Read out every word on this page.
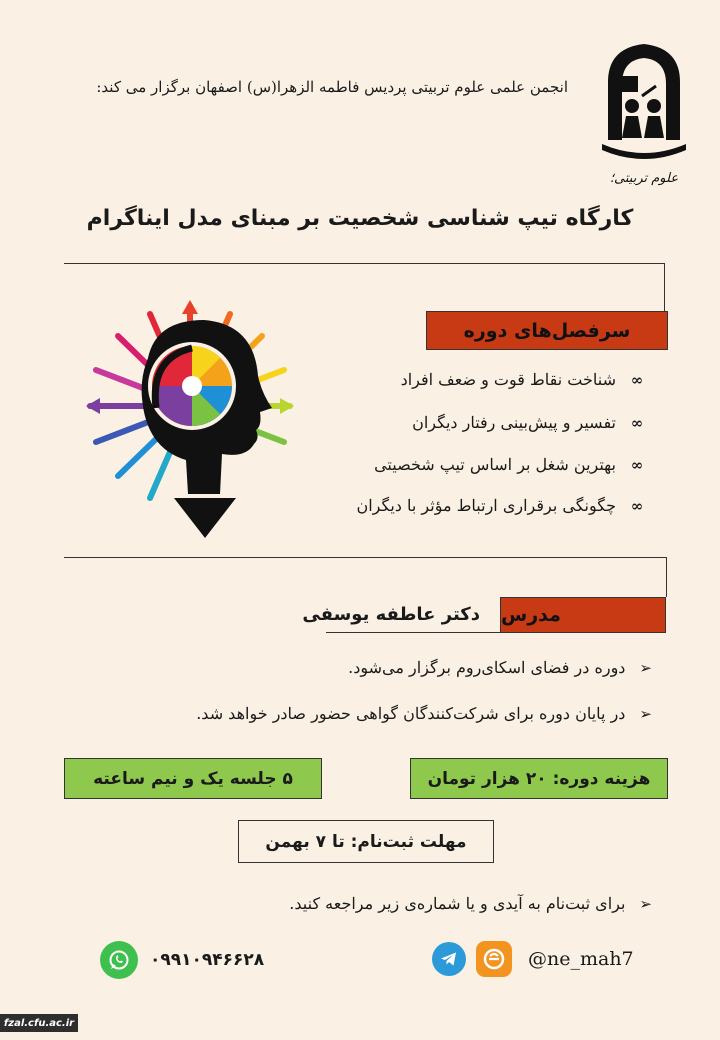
علوم تربیتی؛
انجمن علمی علوم تربیتی پردیس فاطمه الزهرا(س) اصفهان برگزار می کند:
کارگاه تیپ شناسی شخصیت بر مبنای مدل اینا‌گرام
سرفصل‌های دوره
∞
شناخت نقاط قوت و ضعف افراد
∞
تفسیر و پیش‌بینی رفتار دیگران
∞
بهترین شغل بر اساس تیپ شخصیتی
∞
چگونگی برقراری ارتباط مؤثر با دیگران
مدرس
دکتر عاطفه یوسفی
➢
دوره در فضای اسکای‌روم برگزار می‌شود.
➢
در پایان دوره برای شرکت‌کنندگان گواهی حضور صادر خواهد شد.
هزینه دوره: ۲۰ هزار تومان
۵ جلسه یک و نیم ساعته
مهلت ثبت‌نام: تا ۷ بهمن
➢
برای ثبت‌نام به آیدی و یا شماره‌ی زیر مراجعه کنید.
۰۹۹۱۰۹۴۶۶۲۸	@ne_mah7
fzal.cfu.ac.ir
